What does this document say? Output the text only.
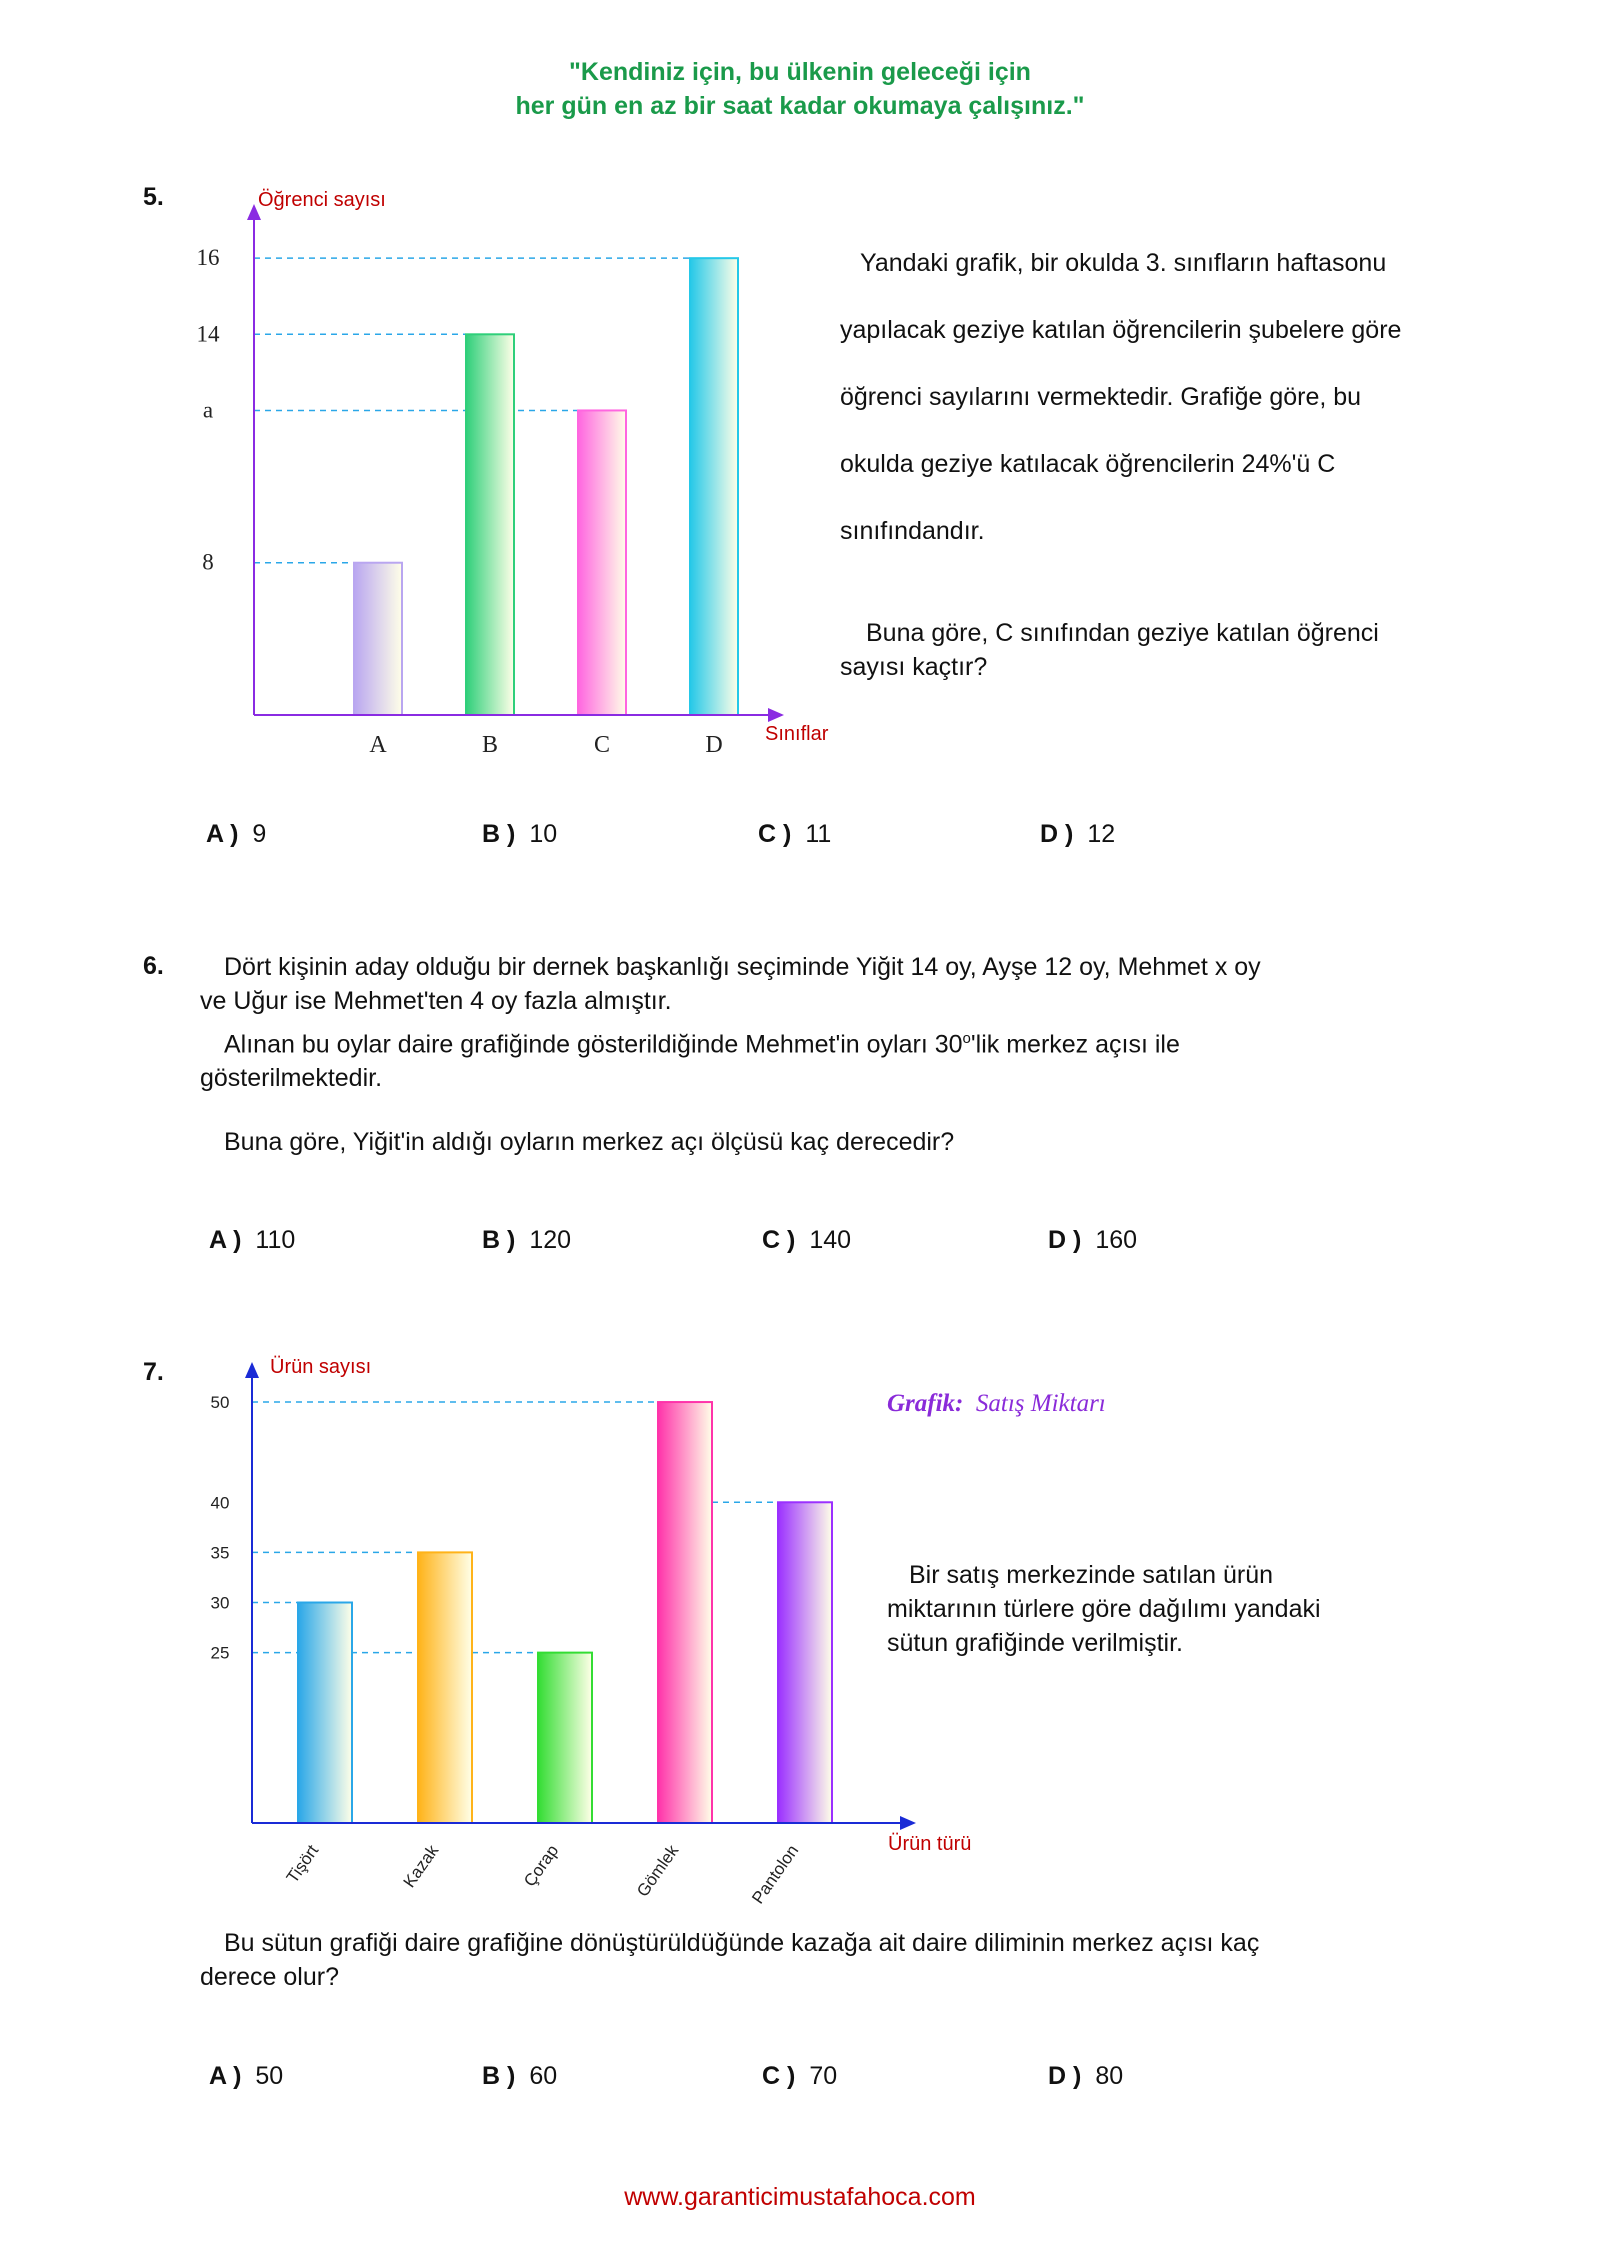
"Kendiniz için, bu ülkenin geleceği için
her gün en az bir saat kadar okumaya çalışınız."
5.
8
14
a
16
A	B	C	D
Öğrenci sayısı
Sınıflar
Yandaki grafik, bir okulda 3. sınıfların haftasonu
yapılacak geziye katılan öğrencilerin şubelere göre
öğrenci sayılarını vermektedir. Grafiğe göre, bu
okulda geziye katılacak öğrencilerin 24%'ü C
sınıfındandır.
Buna göre, C sınıfından geziye katılan öğrenci
sayısı kaçtır?
A ) 9	B ) 10	C ) 11	D ) 12
6.	Dört kişinin aday olduğu bir dernek başkanlığı seçiminde Yiğit 14 oy, Ayşe 12 oy, Mehmet x oy
ve Uğur ise Mehmet'ten 4 oy fazla almıştır.
Alınan bu oylar daire grafiğinde gösterildiğinde Mehmet'in oyları 30$^o$'lik merkez açısı ile
gösterilmektedir.
Buna göre, Yiğit'in aldığı oyların merkez açı ölçüsü kaç derecedir?
A ) 110	B ) 120	C ) 140	D ) 160
7.
25
30
35
40
50
Tişört	Kazak	Çorap	Gömlek	Pantolon
Ürün sayısı
Ürün türü
Grafik: Satış Miktarı
Bir satış merkezinde satılan ürün
miktarının türlere göre dağılımı yandaki
sütun grafiğinde verilmiştir.
Bu sütun grafiği daire grafiğine dönüştürüldüğünde kazağa ait daire diliminin merkez açısı kaç
derece olur?
A ) 50	B ) 60	C ) 70	D ) 80
www.garanticimustafahoca.com
